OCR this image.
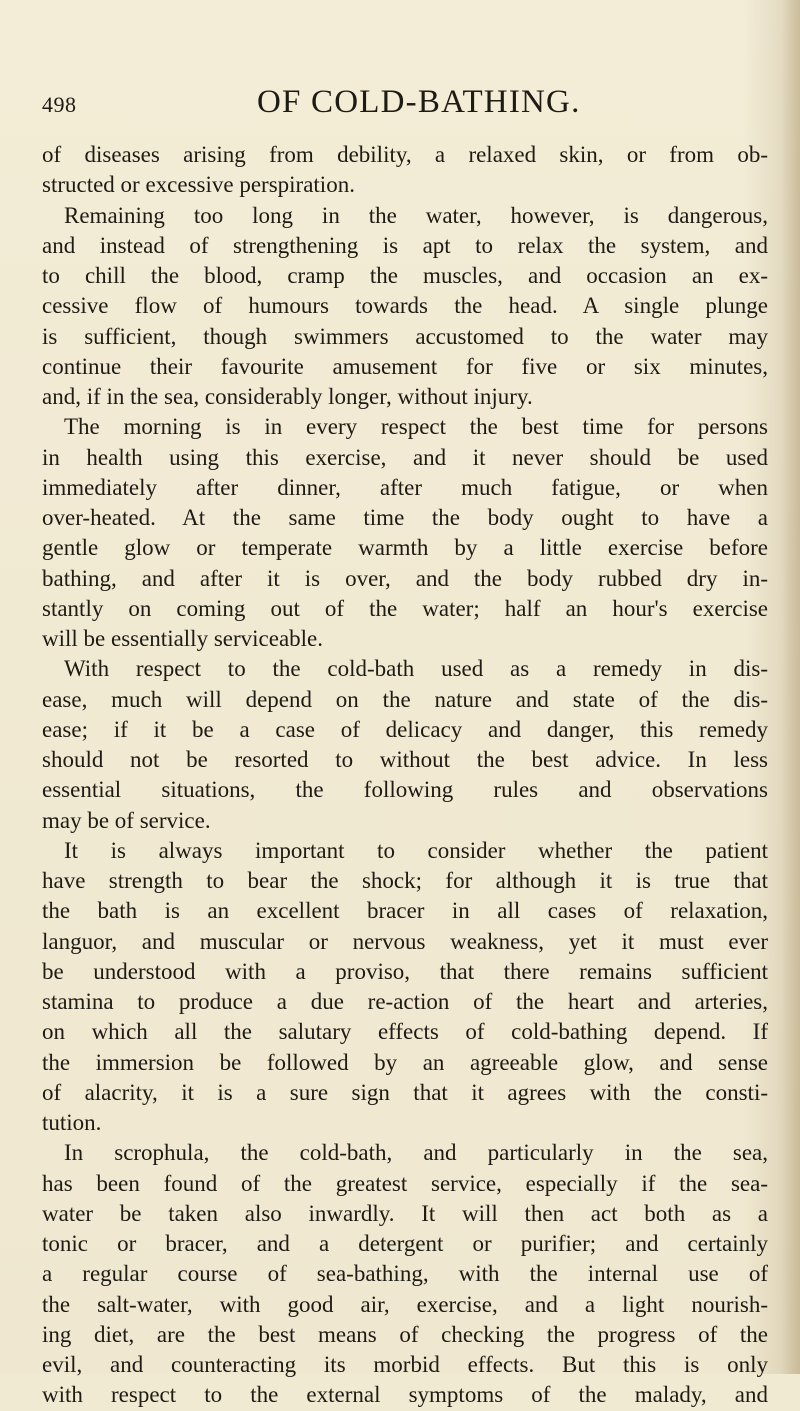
498	OF COLD-BATHING.
of diseases arising from debility, a relaxed skin, or from ob-
structed or excessive perspiration.
Remaining too long in the water, however, is dangerous,
and instead of strengthening is apt to relax the system, and
to chill the blood, cramp the muscles, and occasion an ex-
cessive flow of humours towards the head. A single plunge
is sufficient, though swimmers accustomed to the water may
continue their favourite amusement for five or six minutes,
and, if in the sea, considerably longer, without injury.
The morning is in every respect the best time for persons
in health using this exercise, and it never should be used
immediately after dinner, after much fatigue, or when
over-heated. At the same time the body ought to have a
gentle glow or temperate warmth by a little exercise before
bathing, and after it is over, and the body rubbed dry in-
stantly on coming out of the water; half an hour's exercise
will be essentially serviceable.
With respect to the cold-bath used as a remedy in dis-
ease, much will depend on the nature and state of the dis-
ease; if it be a case of delicacy and danger, this remedy
should not be resorted to without the best advice. In less
essential situations, the following rules and observations
may be of service.
It is always important to consider whether the patient
have strength to bear the shock; for although it is true that
the bath is an excellent bracer in all cases of relaxation,
languor, and muscular or nervous weakness, yet it must ever
be understood with a proviso, that there remains sufficient
stamina to produce a due re-action of the heart and arteries,
on which all the salutary effects of cold-bathing depend. If
the immersion be followed by an agreeable glow, and sense
of alacrity, it is a sure sign that it agrees with the consti-
tution.
In scrophula, the cold-bath, and particularly in the sea,
has been found of the greatest service, especially if the sea-
water be taken also inwardly. It will then act both as a
tonic or bracer, and a detergent or purifier; and certainly
a regular course of sea-bathing, with the internal use of
the salt-water, with good air, exercise, and a light nourish-
ing diet, are the best means of checking the progress of the
evil, and counteracting its morbid effects. But this is only
with respect to the external symptoms of the malady, and
